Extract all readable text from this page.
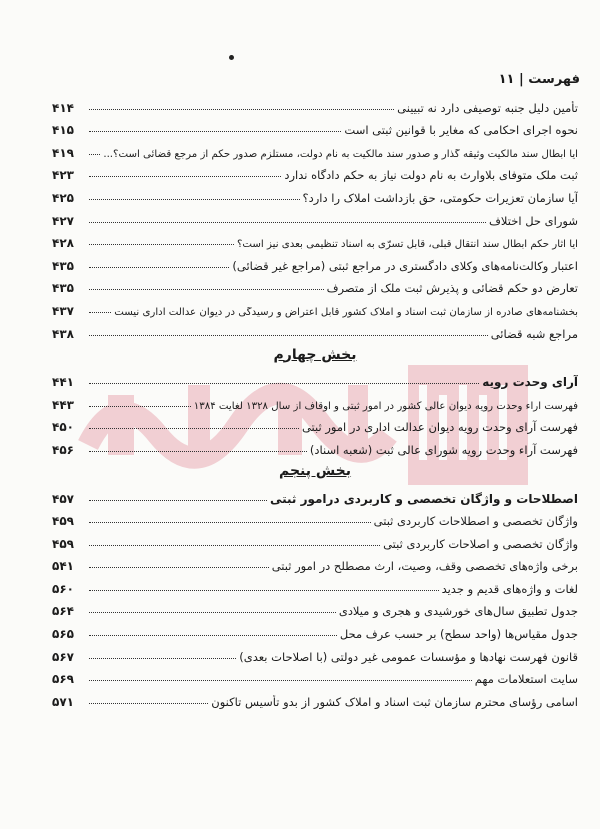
فهرست | ۱۱
تأمین دلیل جنبه توصیفی دارد نه تبیینی
۴۱۴
نحوه اجرای احکامی که مغایر با قوانین ثبتی است
۴۱۵
آیا ابطال سند مالکیت وثیقه گذار و صدور سند مالکیت به نام دولت، مستلزم صدور حکم از مرجع قضائی است؟...
۴۱۹
ثبت ملک متوفای بلاوارث به نام دولت نیاز به حکم دادگاه ندارد
۴۲۳
آیا سازمان تعزیرات حکومتی، حق بازداشت املاک را دارد؟
۴۲۵
شورای حل اختلاف
۴۲۷
آیا آثار حکم ابطال سند انتقال قبلی، قابل تسرّی به اسناد تنظیمی بعدی نیز است؟
۴۲۸
اعتبار وکالت‌نامه‌های وکلای دادگستری در مراجع ثبتی (مراجع غیر قضائی)
۴۳۵
تعارض دو حکم قضائی و پذیرش ثبت ملک از متصرف
۴۳۵
بخشنامه‌های صادره از سازمان ثبت اسناد و املاک کشور قابل اعتراض و رسیدگی در دیوان عدالت اداری نیست
۴۳۷
مراجع شبه قضائی
۴۳۸
بخش چهارم
آرای وحدت رویه
۴۴۱
فهرست آراء وحدت رویه دیوان عالی کشور در امور ثبتی و اوقاف از سال ۱۳۲۸ لغایت ۱۳۸۴
۴۴۳
فهرست آرای وحدت رویه دیوان عدالت اداری در امور ثبتی
۴۵۰
فهرست آراء وحدت رویه شورای عالی ثبت (شعبه اسناد)
۴۵۶
بخش پنجم
اصطلاحات و واژگان تخصصی و کاربردی درامور ثبتی
۴۵۷
واژگان تخصصی و اصطلاحات کاربردی ثبتی
۴۵۹
واژگان تخصصی و اصلاحات کاربردی ثبتی
۴۵۹
برخی واژه‌های تخصصی وقف، وصیت، ارث مصطلح در امور ثبتی
۵۴۱
لغات و واژه‌های قدیم و جدید
۵۶۰
جدول تطبیق سال‌های خورشیدی و هجری و میلادی
۵۶۴
جدول مقیاس‌ها (واحد سطح) بر حسب عرف محل
۵۶۵
قانون فهرست نهادها و مؤسسات عمومی غیر دولتی (با اصلاحات بعدی)
۵۶۷
سایت استعلامات مهم
۵۶۹
اسامی رؤسای محترم سازمان ثبت اسناد و املاک کشور از بدو تأسیس تاکنون
۵۷۱
